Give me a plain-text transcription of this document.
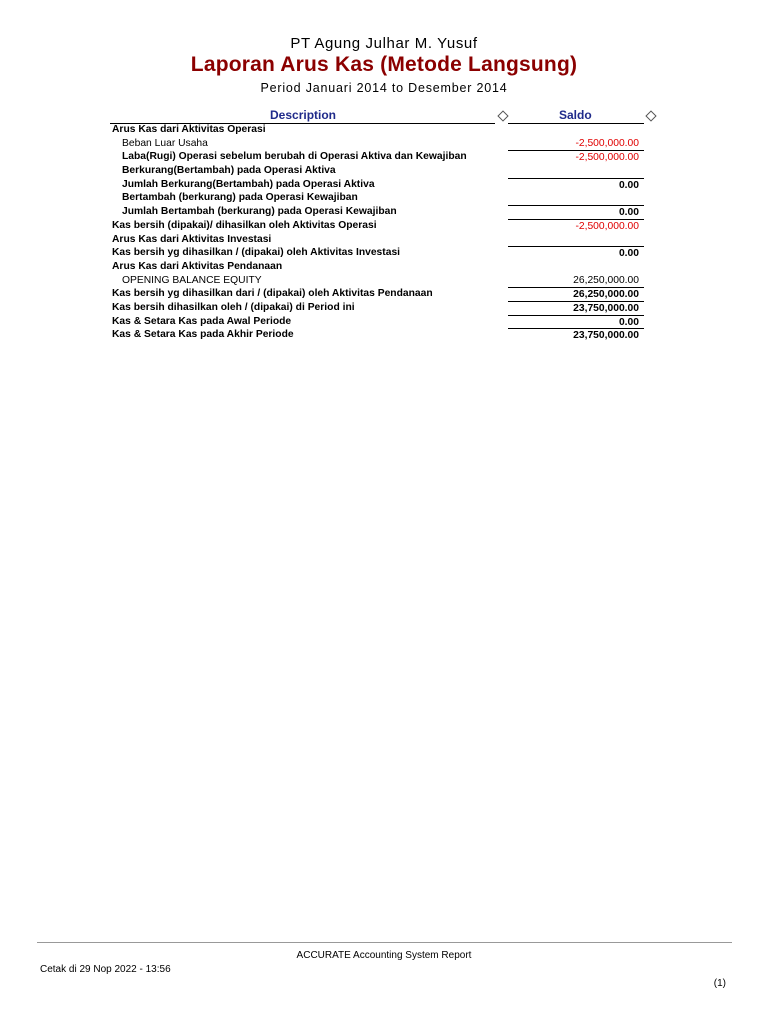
PT Agung Julhar M. Yusuf
Laporan Arus Kas (Metode Langsung)
Period Januari 2014 to Desember 2014
Description	Saldo
Arus Kas dari Aktivitas Operasi
Beban Luar Usaha	-2,500,000.00
Laba(Rugi) Operasi sebelum berubah di Operasi Aktiva dan Kewajiban	-2,500,000.00
Berkurang(Bertambah) pada Operasi Aktiva
Jumlah Berkurang(Bertambah) pada Operasi Aktiva	0.00
Bertambah (berkurang) pada Operasi Kewajiban
Jumlah Bertambah (berkurang) pada Operasi Kewajiban	0.00
Kas bersih (dipakai)/ dihasilkan oleh Aktivitas Operasi	-2,500,000.00
Arus Kas dari Aktivitas Investasi
Kas bersih yg dihasilkan / (dipakai) oleh Aktivitas Investasi	0.00
Arus Kas dari Aktivitas Pendanaan
OPENING BALANCE EQUITY	26,250,000.00
Kas bersih yg dihasilkan dari / (dipakai) oleh Aktivitas Pendanaan	26,250,000.00
Kas bersih dihasilkan oleh / (dipakai) di Period ini	23,750,000.00
Kas & Setara Kas pada Awal Periode	0.00
Kas & Setara Kas pada Akhir Periode	23,750,000.00
ACCURATE Accounting System Report
Cetak di 29 Nop 2022 - 13:56
(1)
